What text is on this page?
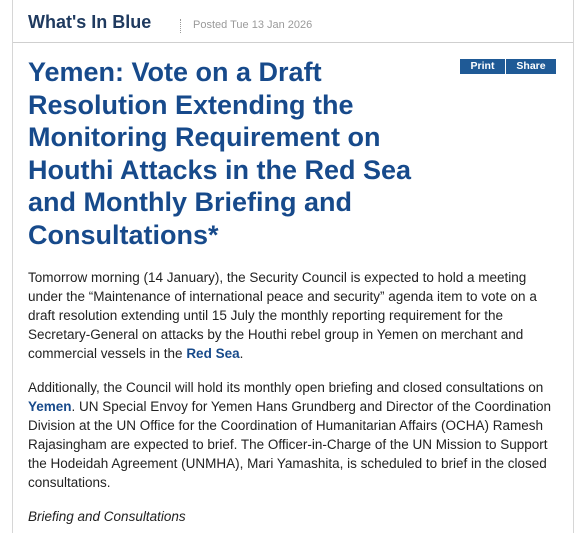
What's In Blue	Posted Tue 13 Jan 2026
Yemen: Vote on a Draft Resolution Extending the Monitoring Requirement on Houthi Attacks in the Red Sea and Monthly Briefing and Consultations*
Print	Share

Tomorrow morning (14 January), the Security Council is expected to hold a meeting under the “Maintenance of international peace and security” agenda item to vote on a draft resolution extending until 15 July the monthly reporting requirement for the Secretary-General on attacks by the Houthi rebel group in Yemen on merchant and commercial vessels in the Red Sea.

Additionally, the Council will hold its monthly open briefing and closed consultations on Yemen. UN Special Envoy for Yemen Hans Grundberg and Director of the Coordination Division at the UN Office for the Coordination of Humanitarian Affairs (OCHA) Ramesh Rajasingham are expected to brief. The Officer-in-Charge of the UN Mission to Support the Hodeidah Agreement (UNMHA), Mari Yamashita, is scheduled to brief in the closed consultations.

Briefing and Consultations
